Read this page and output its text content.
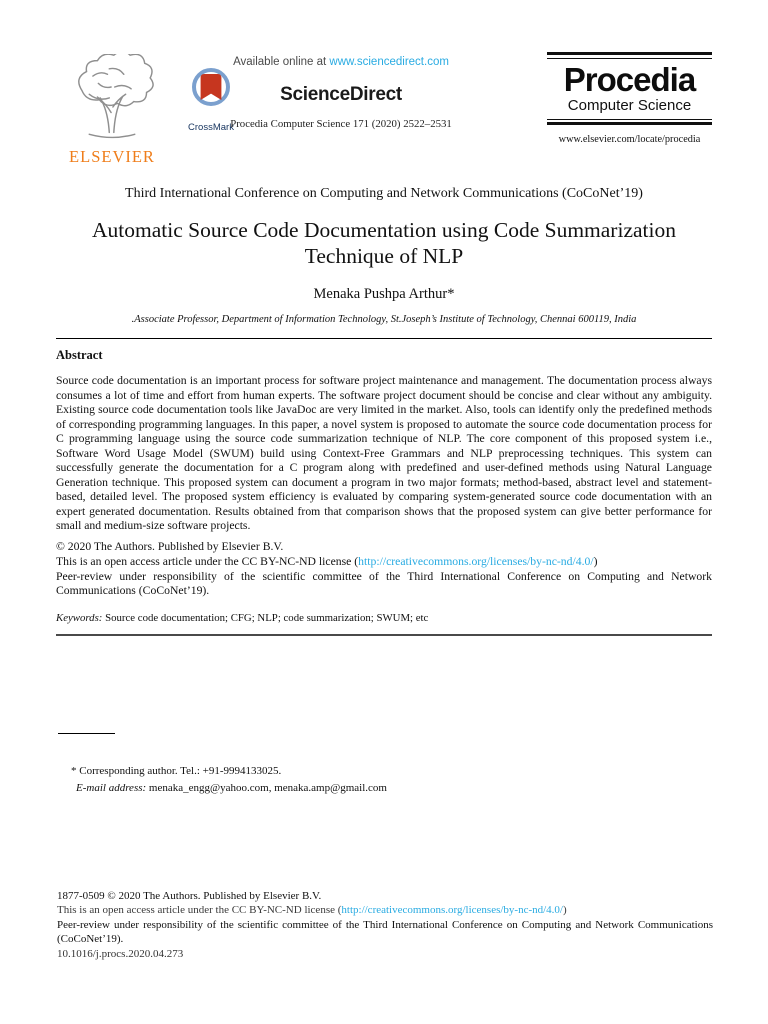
ELSEVIER
CrossMark
Available online at www.sciencedirect.com
ScienceDirect
Procedia Computer Science 171 (2020) 2522–2531
Procedia
Computer Science
www.elsevier.com/locate/procedia
Third International Conference on Computing and Network Communications (CoCoNet’19)
Automatic Source Code Documentation using Code Summarization Technique of NLP
Menaka Pushpa Arthur*
.Associate Professor, Department of Information Technology, St.Joseph’s Institute of Technology, Chennai 600119, India
Abstract
Source code documentation is an important process for software project maintenance and management. The documentation process always consumes a lot of time and effort from human experts. The software project document should be concise and clear without any ambiguity. Existing source code documentation tools like JavaDoc are very limited in the market. Also, tools can identify only the predefined methods of corresponding programming languages. In this paper, a novel system is proposed to automate the source code documentation process for C programming language using the source code summarization technique of NLP. The core component of this proposed system i.e., Software Word Usage Model (SWUM) build using Context-Free Grammars and NLP preprocessing techniques. This system can successfully generate the documentation for a C program along with predefined and user-defined methods using Natural Language Generation technique. This proposed system can document a program in two major formats; method-based, abstract level and statement-based, detailed level. The proposed system efficiency is evaluated by comparing system-generated source code documentation with an expert generated documentation. Results obtained from that comparison shows that the proposed system can give better performance for small and medium-size software projects.
© 2020 The Authors. Published by Elsevier B.V.
This is an open access article under the CC BY-NC-ND license (http://creativecommons.org/licenses/by-nc-nd/4.0/)
Peer-review under responsibility of the scientific committee of the Third International Conference on Computing and Network Communications (CoCoNet’19).
Keywords: Source code documentation; CFG; NLP; code summarization; SWUM; etc
* Corresponding author. Tel.: +91-9994133025.
E-mail address: menaka_engg@yahoo.com, menaka.amp@gmail.com
1877-0509 © 2020 The Authors. Published by Elsevier B.V.
This is an open access article under the CC BY-NC-ND license (http://creativecommons.org/licenses/by-nc-nd/4.0/)
Peer-review under responsibility of the scientific committee of the Third International Conference on Computing and Network Communications (CoCoNet’19).
10.1016/j.procs.2020.04.273
